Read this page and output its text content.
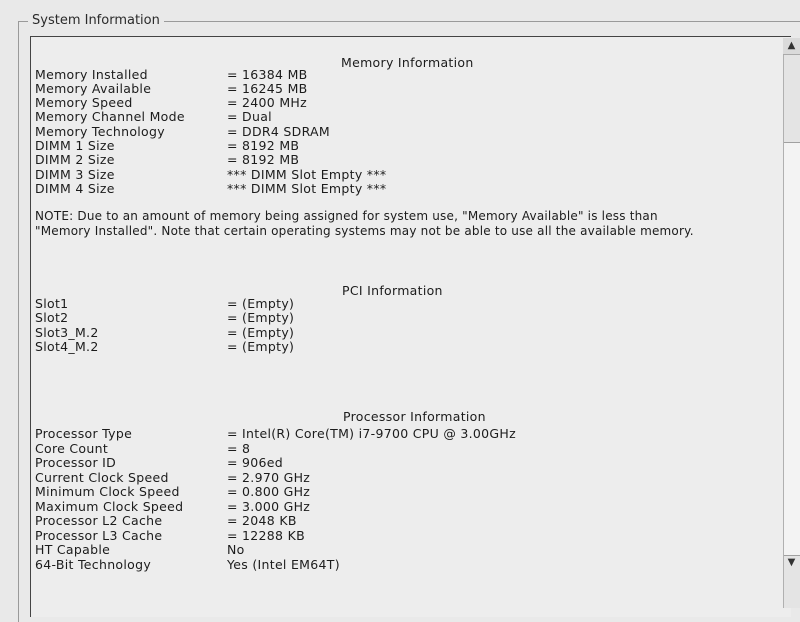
System Information
Memory Information
Memory Installed	= 16384 MB
Memory Available	= 16245 MB
Memory Speed	= 2400 MHz
Memory Channel Mode	= Dual
Memory Technology	= DDR4 SDRAM
DIMM 1 Size	= 8192 MB
DIMM 2 Size	= 8192 MB
DIMM 3 Size	*** DIMM Slot Empty ***
DIMM 4 Size	*** DIMM Slot Empty ***
NOTE: Due to an amount of memory being assigned for system use, "Memory Available" is less than "Memory Installed". Note that certain operating systems may not be able to use all the available memory.
PCI Information
Slot1	= (Empty)
Slot2	= (Empty)
Slot3_M.2	= (Empty)
Slot4_M.2	= (Empty)
Processor Information
Processor Type	= Intel(R) Core(TM) i7-9700 CPU @ 3.00GHz
Core Count	= 8
Processor ID	= 906ed
Current Clock Speed	= 2.970 GHz
Minimum Clock Speed	= 0.800 GHz
Maximum Clock Speed	= 3.000 GHz
Processor L2 Cache	= 2048 KB
Processor L3 Cache	= 12288 KB
HT Capable	No
64-Bit Technology	Yes (Intel EM64T)
▲
▼
